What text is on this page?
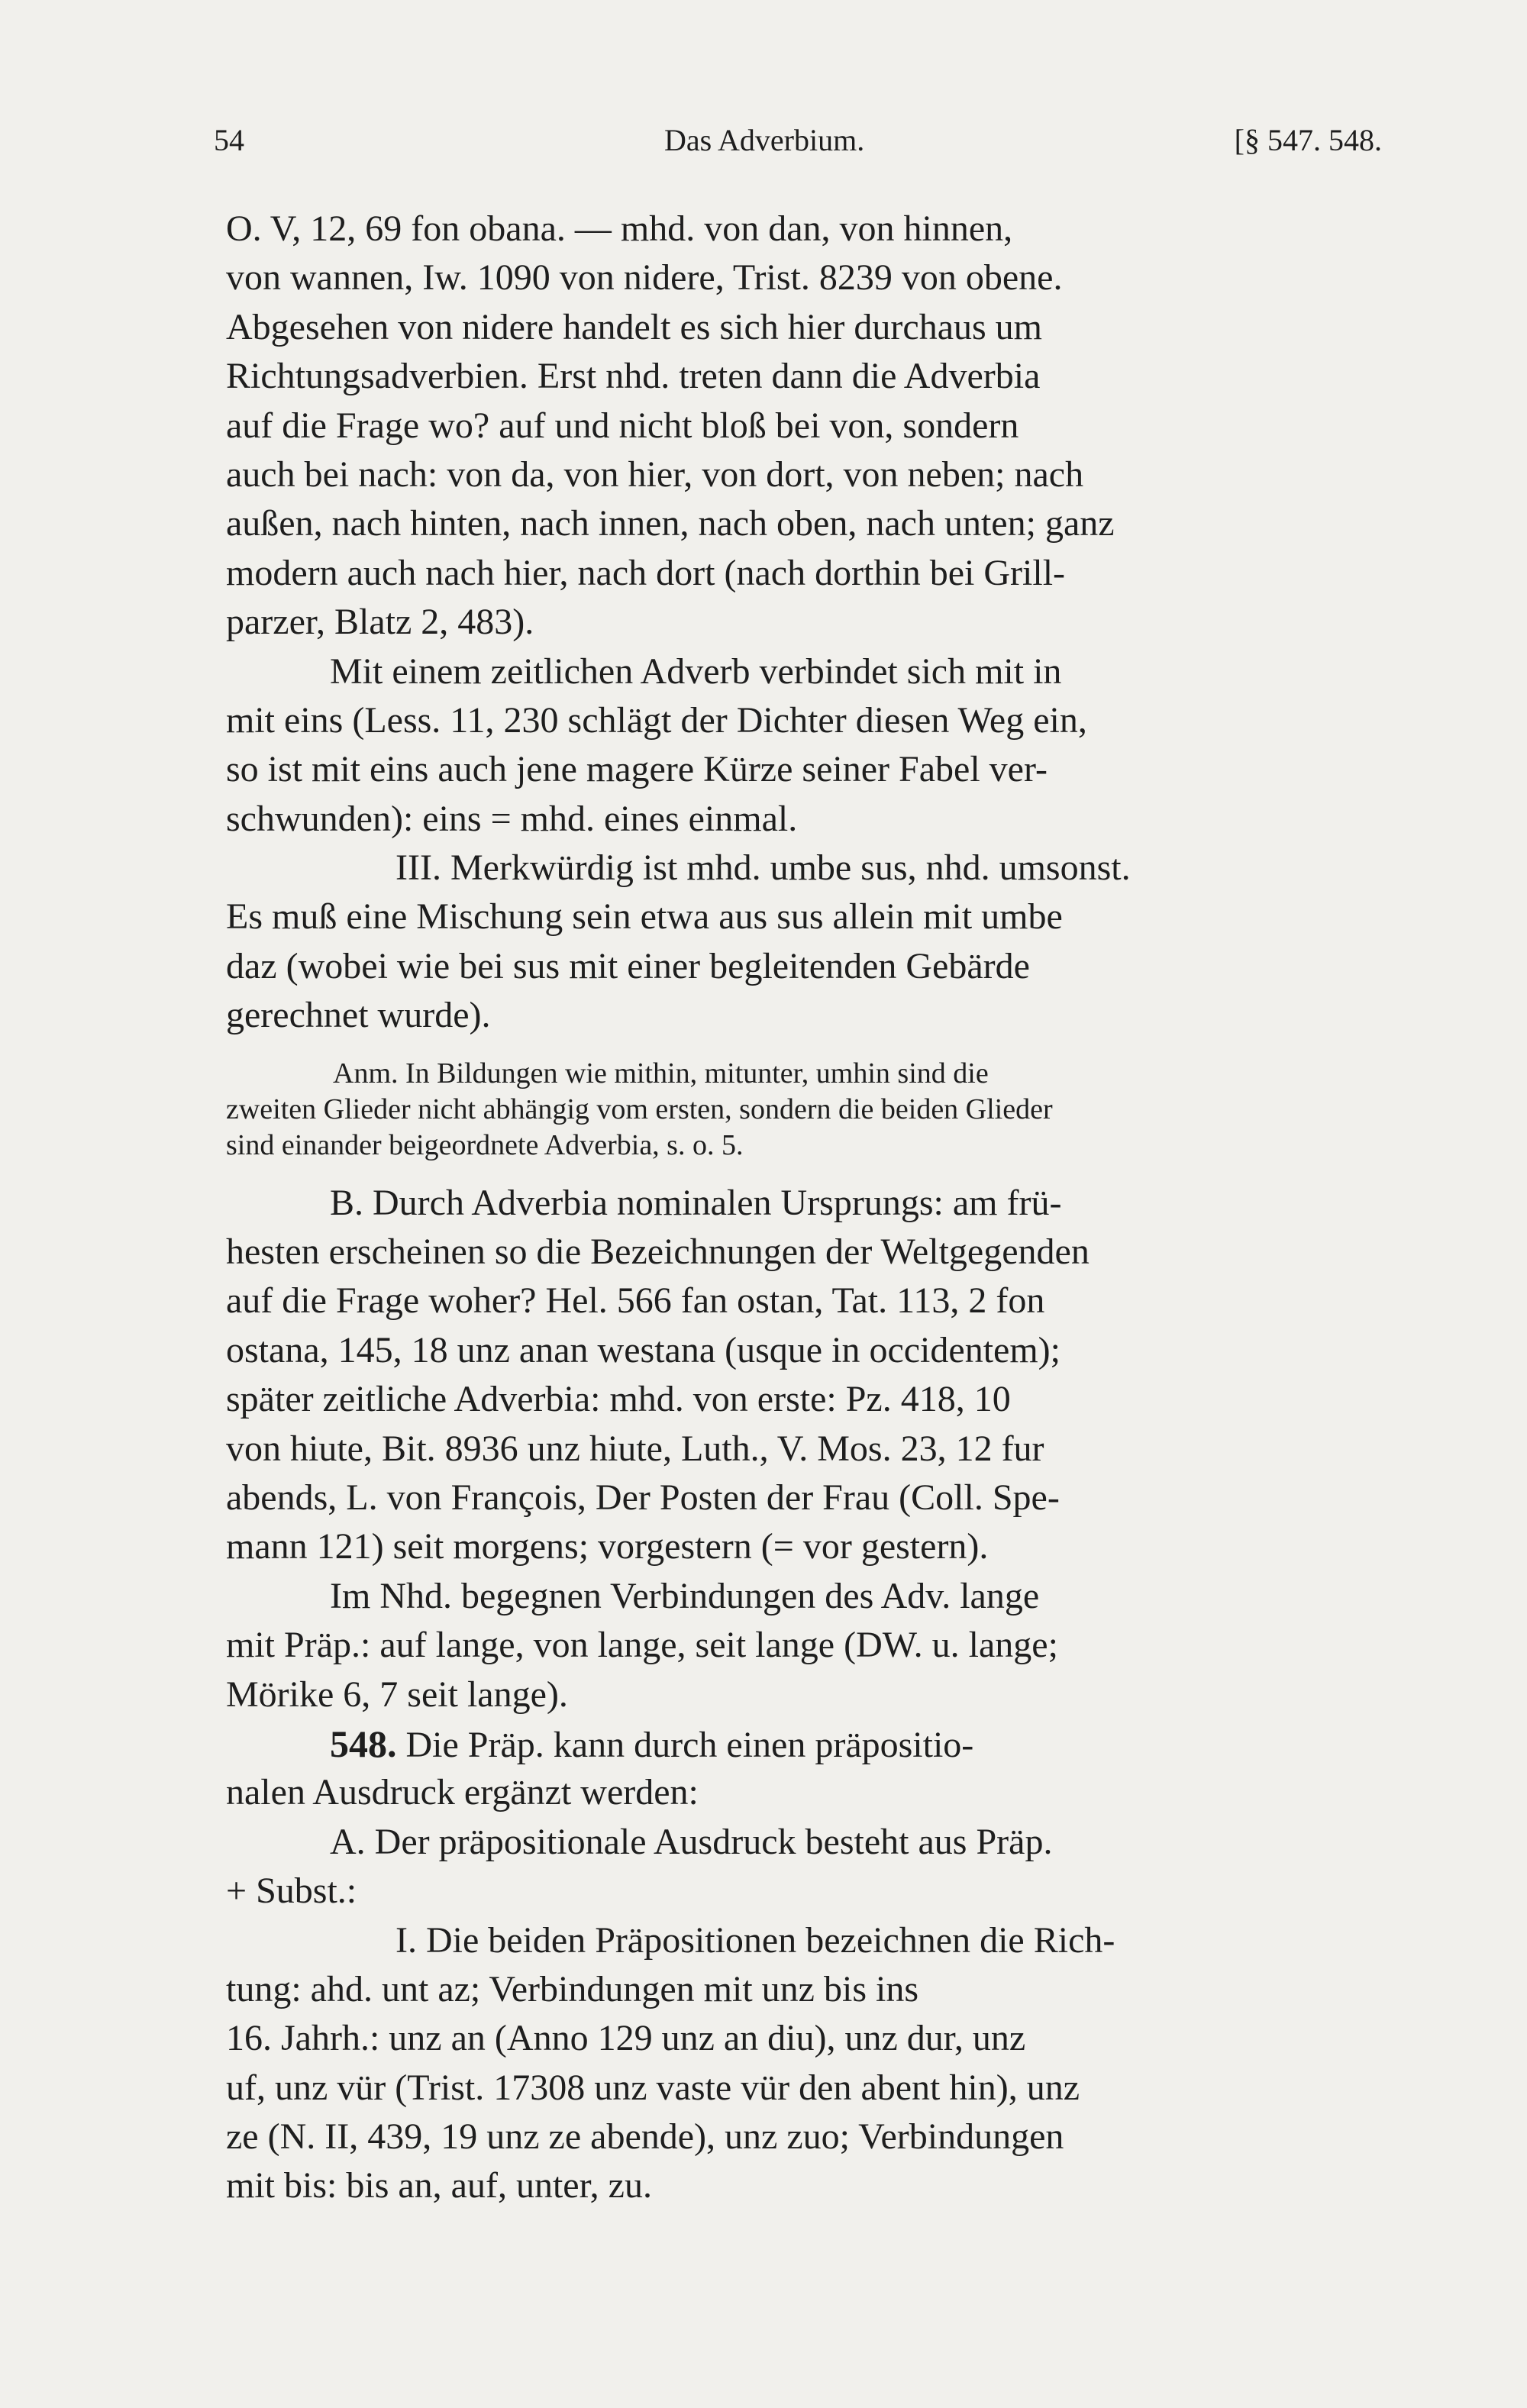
54	Das Adverbium.	[§ 547. 548.
O. V, 12, 69 fon obana. — mhd. von dan, von hinnen,
von wannen, Iw. 1090 von nidere, Trist. 8239 von obene.
Abgesehen von nidere handelt es sich hier durchaus um
Richtungsadverbien. Erst nhd. treten dann die Adverbia
auf die Frage wo? auf und nicht bloß bei von, sondern
auch bei nach: von da, von hier, von dort, von neben; nach
außen, nach hinten, nach innen, nach oben, nach unten; ganz
modern auch nach hier, nach dort (nach dorthin bei Grill-
parzer, Blatz 2, 483).
Mit einem zeitlichen Adverb verbindet sich mit in
mit eins (Less. 11, 230 schlägt der Dichter diesen Weg ein,
so ist mit eins auch jene magere Kürze seiner Fabel ver-
schwunden): eins = mhd. eines einmal.
III. Merkwürdig ist mhd. umbe sus, nhd. umsonst.
Es muß eine Mischung sein etwa aus sus allein mit umbe
daz (wobei wie bei sus mit einer begleitenden Gebärde
gerechnet wurde).
Anm. In Bildungen wie mithin, mitunter, umhin sind die
zweiten Glieder nicht abhängig vom ersten, sondern die beiden Glieder
sind einander beigeordnete Adverbia, s. o. 5.
B. Durch Adverbia nominalen Ursprungs: am frü-
hesten erscheinen so die Bezeichnungen der Weltgegenden
auf die Frage woher? Hel. 566 fan ostan, Tat. 113, 2 fon
ostana, 145, 18 unz anan westana (usque in occidentem);
später zeitliche Adverbia: mhd. von erste: Pz. 418, 10
von hiute, Bit. 8936 unz hiute, Luth., V. Mos. 23, 12 fur
abends, L. von François, Der Posten der Frau (Coll. Spe-
mann 121) seit morgens; vorgestern (= vor gestern).
Im Nhd. begegnen Verbindungen des Adv. lange
mit Präp.: auf lange, von lange, seit lange (DW. u. lange;
Mörike 6, 7 seit lange).
548. Die Präp. kann durch einen präpositio-
nalen Ausdruck ergänzt werden:
A. Der präpositionale Ausdruck besteht aus Präp.
+ Subst.:
I. Die beiden Präpositionen bezeichnen die Rich-
tung: ahd. unt az; Verbindungen mit unz bis ins
16. Jahrh.: unz an (Anno 129 unz an diu), unz dur, unz
uf, unz vür (Trist. 17308 unz vaste vür den abent hin), unz
ze (N. II, 439, 19 unz ze abende), unz zuo; Verbindungen
mit bis: bis an, auf, unter, zu.
